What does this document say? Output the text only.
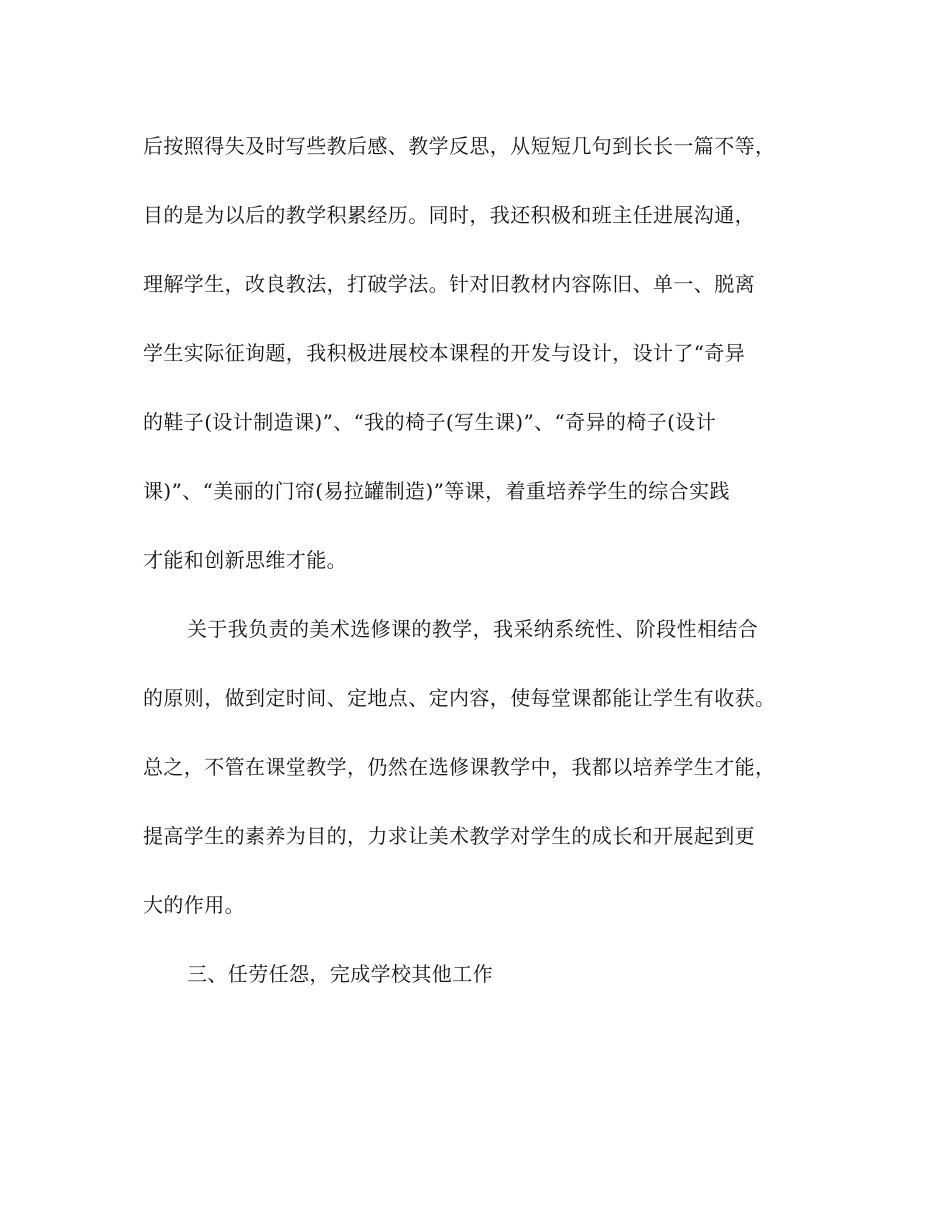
后按照得失及时写些教后感、教学反思，从短短几句到长长一篇不等，
目的是为以后的教学积累经历。同时，我还积极和班主任进展沟通，
理解学生，改良教法，打破学法。针对旧教材内容陈旧、单一、脱离
学生实际征询题，我积极进展校本课程的开发与设计，设计了“奇异
的鞋子(设计制造课)”、“我的椅子(写生课)”、“奇异的椅子(设计
课)”、“美丽的门帘(易拉罐制造)”等课，着重培养学生的综合实践
才能和创新思维才能。
关于我负责的美术选修课的教学，我采纳系统性、阶段性相结合
的原则，做到定时间、定地点、定内容，使每堂课都能让学生有收获。
总之，不管在课堂教学，仍然在选修课教学中，我都以培养学生才能，
提高学生的素养为目的，力求让美术教学对学生的成长和开展起到更
大的作用。
三、任劳任怨，完成学校其他工作
